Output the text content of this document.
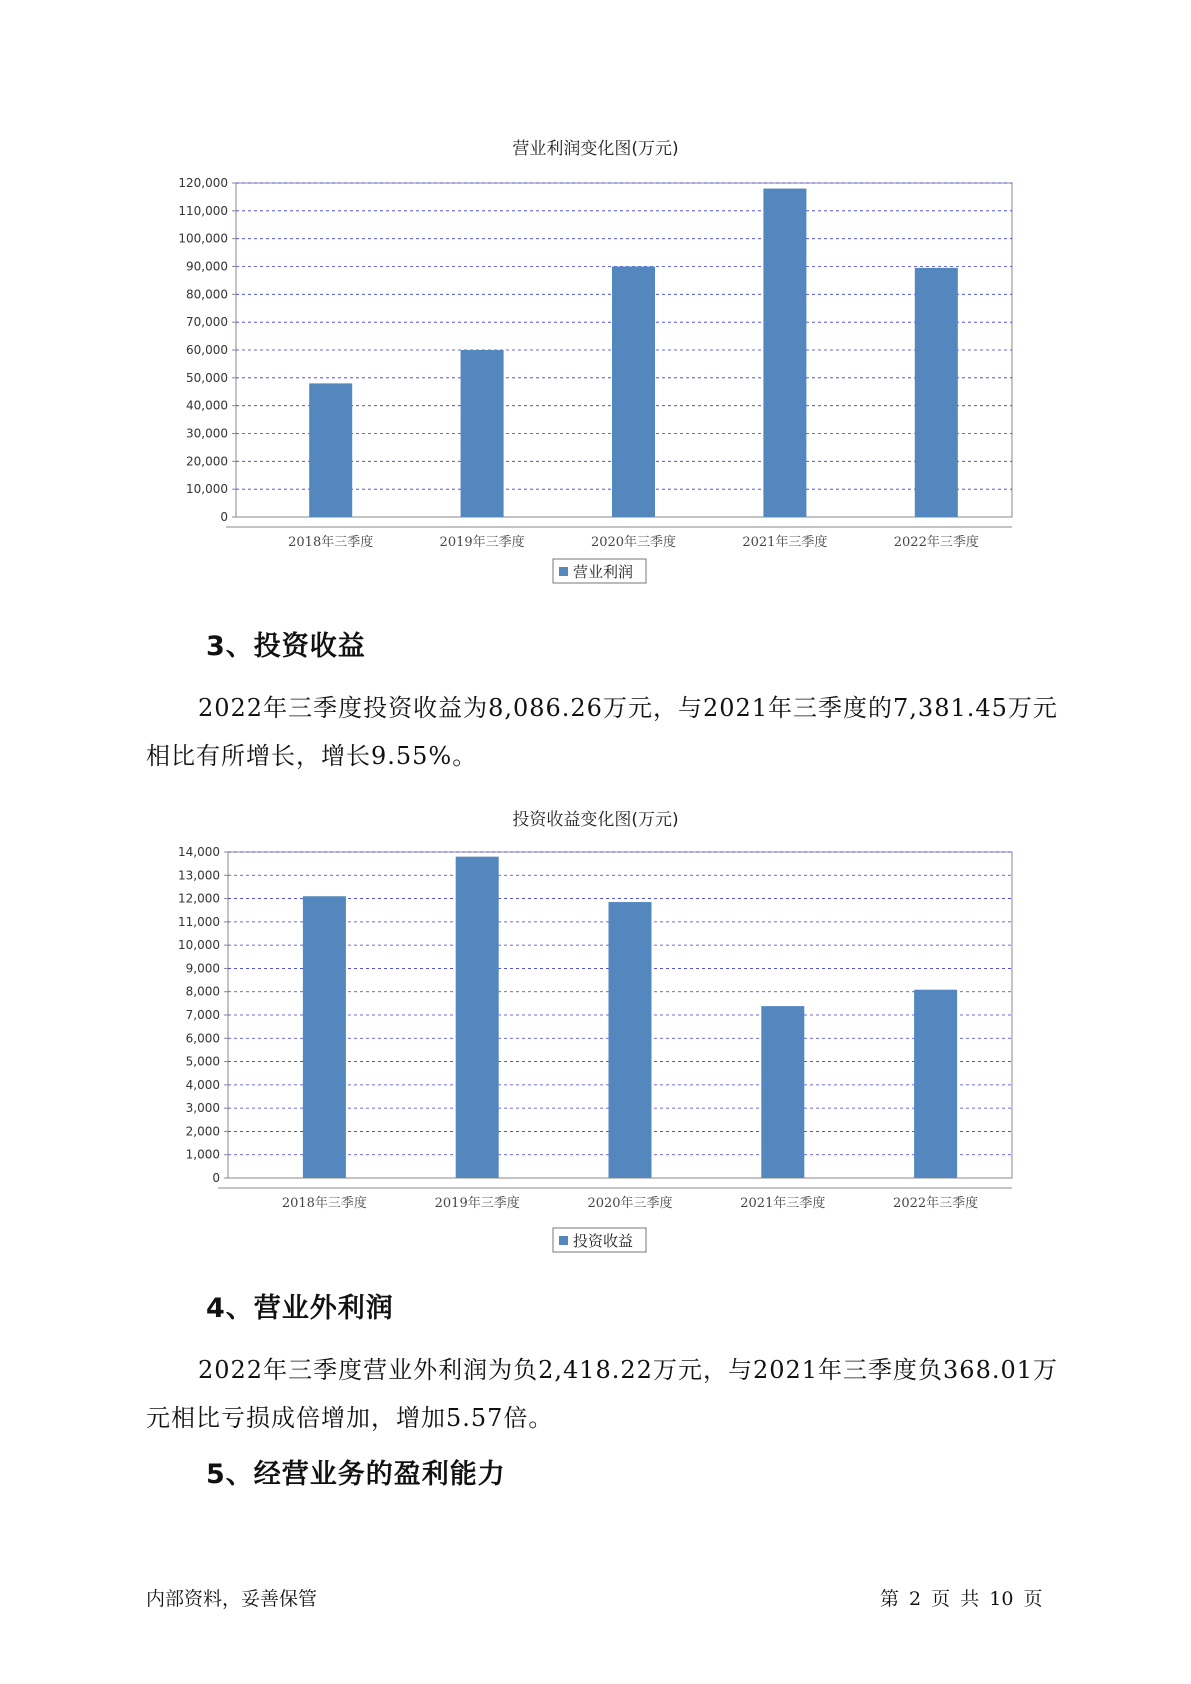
营业利润变化图(万元)
0
10,000
20,000
30,000
40,000
50,000
60,000
70,000
80,000
90,000
100,000
110,000
120,000
2018年三季度	2019年三季度	2020年三季度	2021年三季度	2022年三季度
营业利润
3、投资收益
2022年三季度投资收益为8,086.26万元，与2021年三季度的7,381.45万元相比有所增长，增长9.55%。
投资收益变化图(万元)
0
1,000
2,000
3,000
4,000
5,000
6,000
7,000
8,000
9,000
10,000
11,000
12,000
13,000
14,000
2018年三季度	2019年三季度	2020年三季度	2021年三季度	2022年三季度
投资收益
4、营业外利润
2022年三季度营业外利润为负2,418.22万元，与2021年三季度负368.01万元相比亏损成倍增加，增加5.57倍。
5、经营业务的盈利能力
内部资料，妥善保管	第 2 页 共 10 页
